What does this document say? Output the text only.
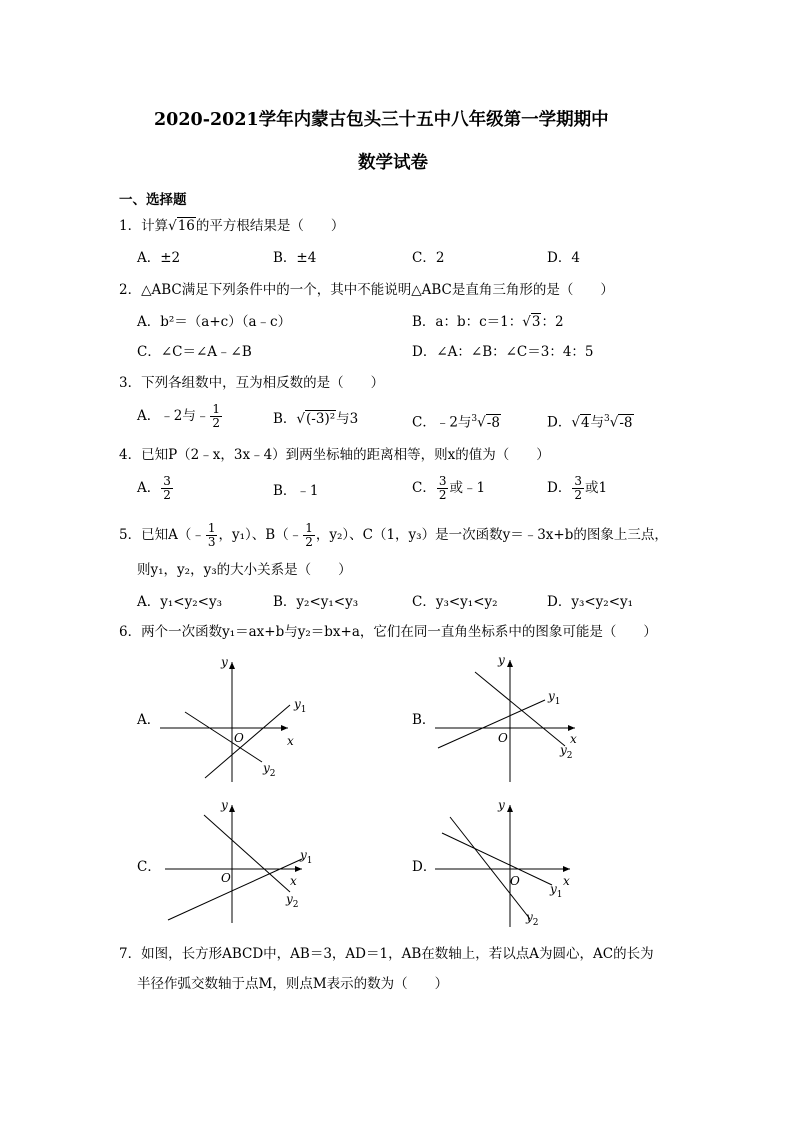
2020-2021学年内蒙古包头三十五中八年级第一学期期中
数学试卷
一、选择题
1．计算√16的平方根结果是（　　）
A．±2	B．±4	C．2	D．4
2．△ABC满足下列条件中的一个，其中不能说明△ABC是直角三角形的是（　　）
A．b²＝（a+c）（a﹣c）	B．a：b：c＝1：√3：2
C．∠C＝∠A﹣∠B	D．∠A：∠B：∠C＝3：4：5
3．下列各组数中，互为相反数的是（　　）
A．﹣2与﹣ $\frac{1}{2}$	B．√(-3)²与3	C．﹣2与$^3$√-8	D．√4与$^3$√-8
4．已知P（2﹣x，3x﹣4）到两坐标轴的距离相等，则x的值为（　　）
A． $\frac{3}{2}$	B．﹣1	C． $\frac{3}{2}$ 或﹣1	D． $\frac{3}{2}$ 或1
5．已知A（﹣ $\frac{1}{3}$ ，y₁）、B（﹣ $\frac{1}{2}$ ，y₂）、C（1，y₃）是一次函数y＝﹣3x+b的图象上三点，
则y₁，y₂，y₃的大小关系是（　　）
A．y₁<y₂<y₃	B．y₂<y₁<y₃	C．y₃<y₁<y₂	D．y₃<y₂<y₁
6．两个一次函数y₁＝ax+b与y₂＝bx+a，它们在同一直角坐标系中的图象可能是（　　）
A．	B．
C．	D．
x
y
O
$y_1$
$y_2$
x
y
O
$y_1$
$y_2$
x
y
O
$y_1$
$y_2$
x
y
O
$y_1$
$y_2$
7．如图，长方形ABCD中，AB＝3，AD＝1，AB在数轴上，若以点A为圆心，AC的长为
半径作弧交数轴于点M，则点M表示的数为（　　）
